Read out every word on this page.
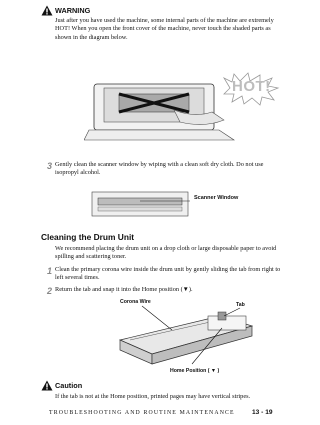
WARNING
Just after you have used the machine, some internal parts of the machine are extremely HOT! When you open the front cover of the machine, never touch the shaded parts as shown in the diagram below.
HOT!
3 Gently clean the scanner window by wiping with a clean soft dry cloth. Do not use isopropyl alcohol.
Scanner Window
Cleaning the Drum Unit
We recommend placing the drum unit on a drop cloth or large disposable paper to avoid spilling and scattering toner.
1 Clean the primary corona wire inside the drum unit by gently sliding the tab from right to left several times.
2 Return the tab and snap it into the Home position (▼).
Corona Wire	Tab
Home Position ( ▼ )
Caution
If the tab is not at the Home position, printed pages may have vertical stripes.
TROUBLESHOOTING AND ROUTINE MAINTENANCE	13 - 19
